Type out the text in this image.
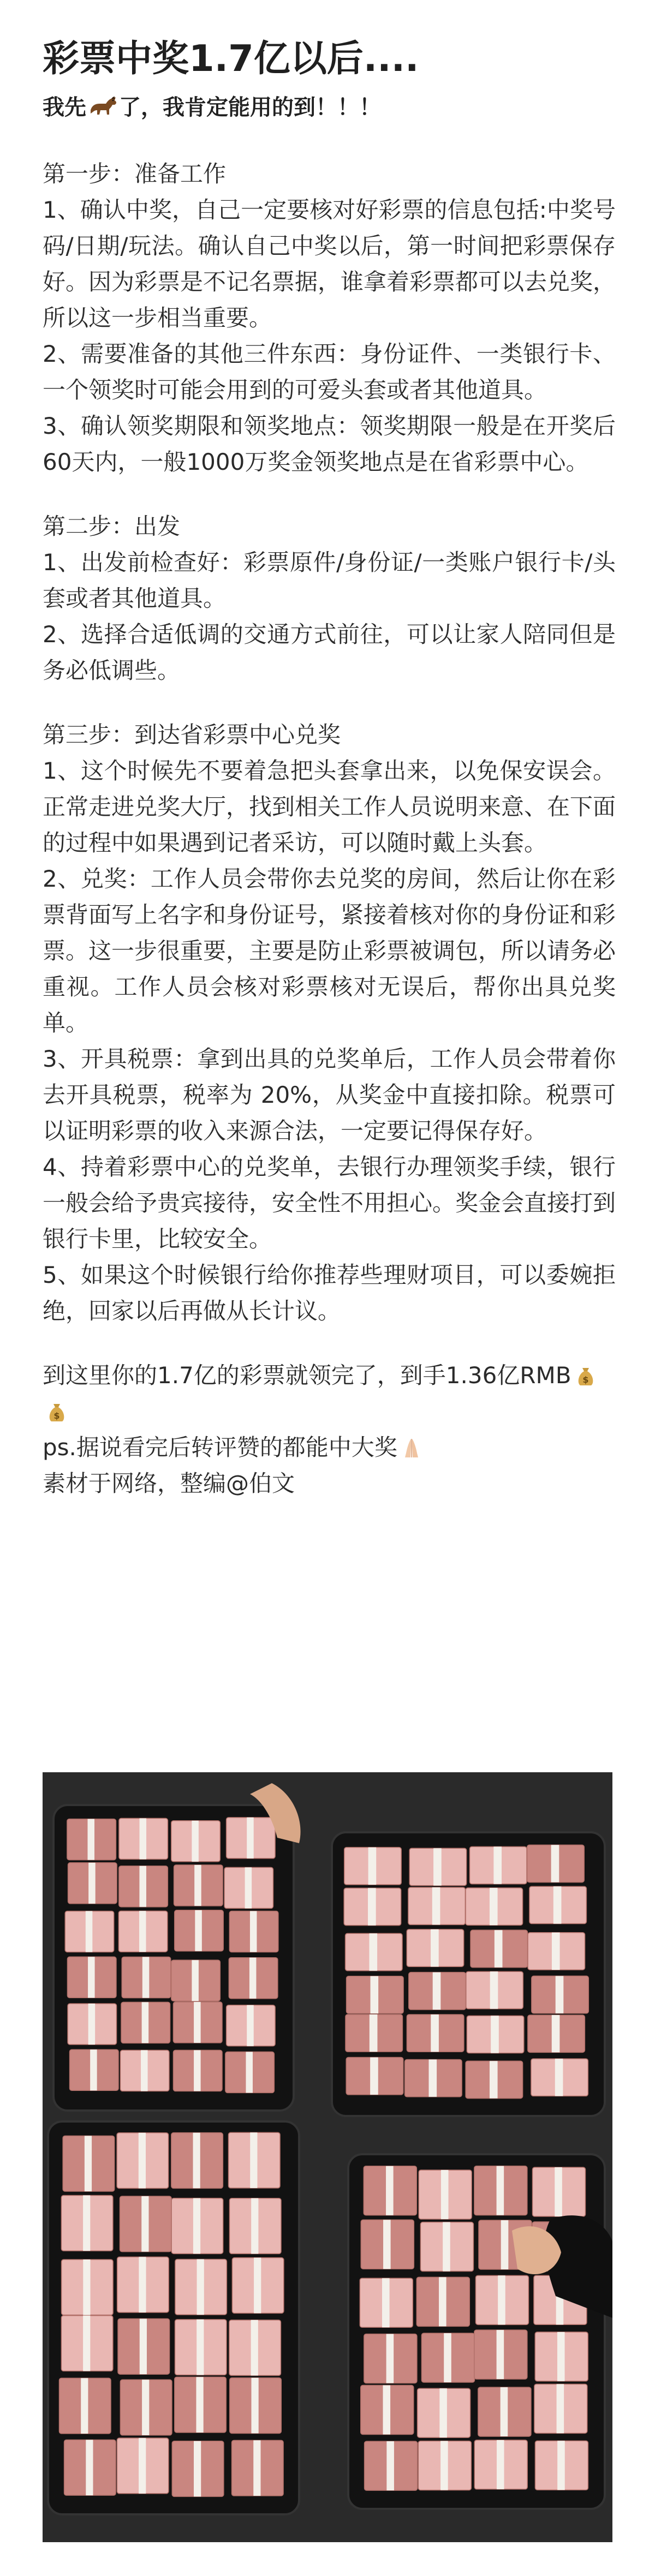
彩票中奖1.7亿以后....

我先 了，我肯定能用的到！！！

第一步：准备工作

1、确认中奖，自己一定要核对好彩票的信息包括:中奖号码/日期/玩法。确认自己中奖以后，第一时间把彩票保存好。因为彩票是不记名票据，谁拿着彩票都可以去兑奖，所以这一步相当重要。

2、需要准备的其他三件东西：身份证件、一类银行卡、一个领奖时可能会用到的可爱头套或者其他道具。

3、确认领奖期限和领奖地点：领奖期限一般是在开奖后60天内，一般1000万奖金领奖地点是在省彩票中心。

第二步：出发

1、出发前检查好：彩票原件/身份证/一类账户银行卡/头套或者其他道具。

2、选择合适低调的交通方式前往，可以让家人陪同但是务必低调些。

第三步：到达省彩票中心兑奖

1、这个时候先不要着急把头套拿出来，以免保安误会。正常走进兑奖大厅，找到相关工作人员说明来意、在下面的过程中如果遇到记者采访，可以随时戴上头套。

2、兑奖：工作人员会带你去兑奖的房间，然后让你在彩票背面写上名字和身份证号，紧接着核对你的身份证和彩票。这一步很重要，主要是防止彩票被调包，所以请务必重视。工作人员会核对彩票核对无误后，帮你出具兑奖单。

3、开具税票：拿到出具的兑奖单后，工作人员会带着你去开具税票，税率为 20%，从奖金中直接扣除。税票可以证明彩票的收入来源合法，一定要记得保存好。

4、持着彩票中心的兑奖单，去银行办理领奖手续，银行一般会给予贵宾接待，安全性不用担心。奖金会直接打到银行卡里，比较安全。

5、如果这个时候银行给你推荐些理财项目，可以委婉拒绝，回家以后再做从长计议。

到这里你的1.7亿的彩票就领完了，到手1.36亿RMB $
$

ps.据说看完后转评赞的都能中大奖

素材于网络，整编@伯文
